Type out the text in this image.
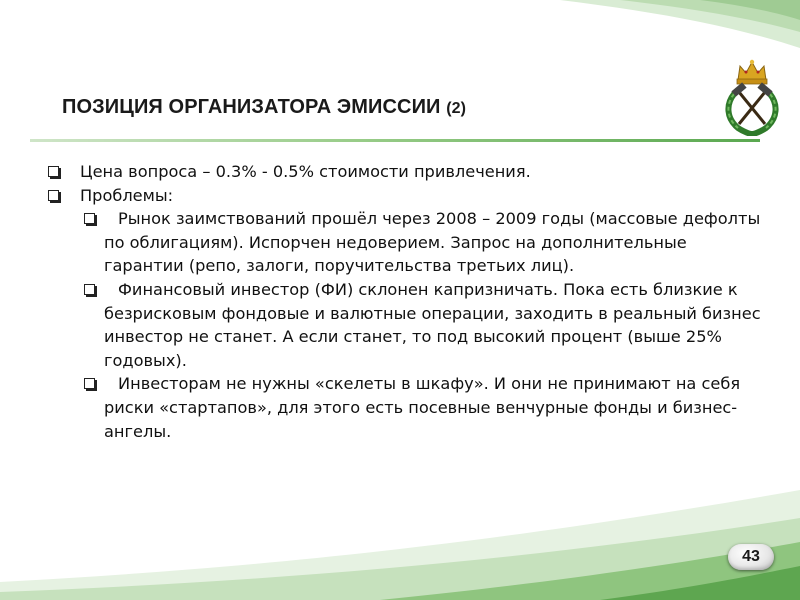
ПОЗИЦИЯ ОРГАНИЗАТОРА ЭМИССИИ (2)
Цена вопроса – 0.3% - 0.5% стоимости привлечения.
Проблемы:
Рынок заимствований прошёл через 2008 – 2009 годы (массовые дефолты по облигациям). Испорчен недоверием. Запрос на дополнительные гарантии (репо, залоги, поручительства третьих лиц).
Финансовый инвестор (ФИ) склонен капризничать. Пока есть близкие к безрисковым фондовые и валютные операции, заходить в реальный бизнес инвестор не станет. А если станет, то под высокий процент (выше 25% годовых).
Инвесторам не нужны «скелеты в шкафу». И они не принимают на себя риски «стартапов», для этого есть посевные венчурные фонды и бизнес-ангелы.
43
